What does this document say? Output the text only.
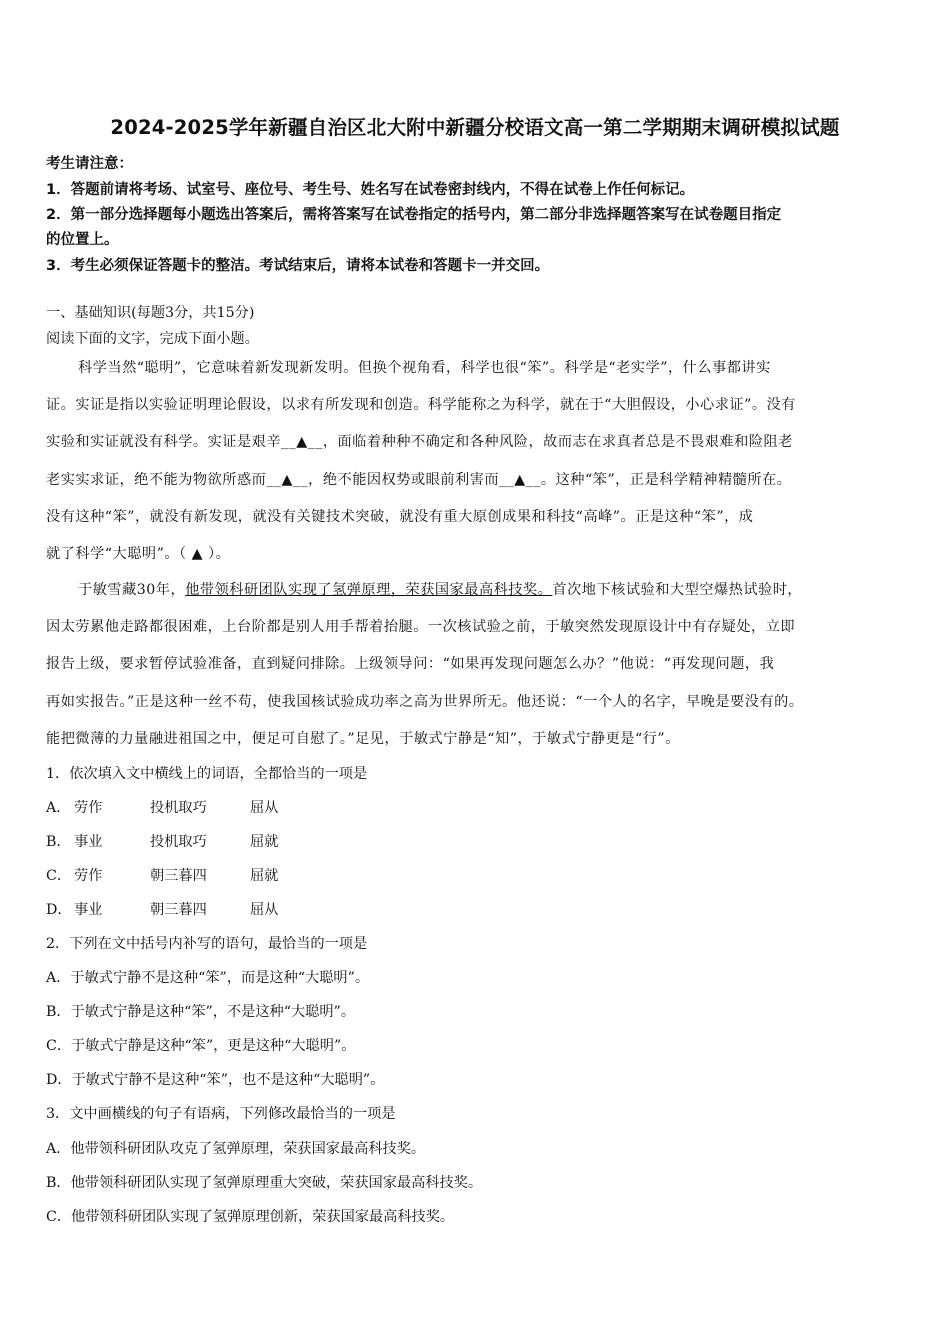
2024-2025学年新疆自治区北大附中新疆分校语文高一第二学期期末调研模拟试题
考生请注意：
1．答题前请将考场、试室号、座位号、考生号、姓名写在试卷密封线内，不得在试卷上作任何标记。
2．第一部分选择题每小题选出答案后，需将答案写在试卷指定的括号内，第二部分非选择题答案写在试卷题目指定
的位置上。
3．考生必须保证答题卡的整洁。考试结束后，请将本试卷和答题卡一并交回。
一、基础知识(每题3分，共15分)
阅读下面的文字，完成下面小题。

科学当然“聪明”，它意味着新发现新发明。但换个视角看，科学也很“笨”。科学是“老实学”，什么事都讲实

证。实证是指以实验证明理论假设，以求有所发现和创造。科学能称之为科学，就在于“大胆假设，小心求证”。没有

实验和实证就没有科学。实证是艰辛__▲__，面临着种种不确定和各种风险，故而志在求真者总是不畏艰难和险阻老

老实实求证，绝不能为物欲所惑而__▲__，绝不能因权势或眼前利害而__▲__。这种“笨”，正是科学精神精髓所在。

没有这种“笨”，就没有新发现，就没有关键技术突破，就没有重大原创成果和科技“高峰”。正是这种“笨”，成

就了科学“大聪明”。（ ▲ ）。

于敏雪藏30年，他带领科研团队实现了氢弹原理，荣获国家最高科技奖。首次地下核试验和大型空爆热试验时，

因太劳累他走路都很困难，上台阶都是别人用手帮着抬腿。一次核试验之前，于敏突然发现原设计中有存疑处，立即

报告上级，要求暂停试验准备，直到疑问排除。上级领导问：“如果再发现问题怎么办？”他说：“再发现问题，我

再如实报告。”正是这种一丝不苟，使我国核试验成功率之高为世界所无。他还说：“一个人的名字，早晚是要没有的。

能把微薄的力量融进祖国之中，便足可自慰了。”足见，于敏式宁静是“知”，于敏式宁静更是“行”。

1．依次填入文中横线上的词语，全都恰当的一项是
A． 劳作	投机取巧	屈从
B． 事业	投机取巧	屈就
C． 劳作	朝三暮四	屈就
D． 事业	朝三暮四	屈从
2．下列在文中括号内补写的语句，最恰当的一项是
A．于敏式宁静不是这种“笨”，而是这种“大聪明”。
B．于敏式宁静是这种“笨”，不是这种“大聪明”。
C．于敏式宁静是这种“笨”，更是这种“大聪明”。
D．于敏式宁静不是这种“笨”，也不是这种“大聪明”。
3．文中画横线的句子有语病，下列修改最恰当的一项是
A．他带领科研团队攻克了氢弹原理，荣获国家最高科技奖。
B．他带领科研团队实现了氢弹原理重大突破，荣获国家最高科技奖。
C．他带领科研团队实现了氢弹原理创新，荣获国家最高科技奖。
